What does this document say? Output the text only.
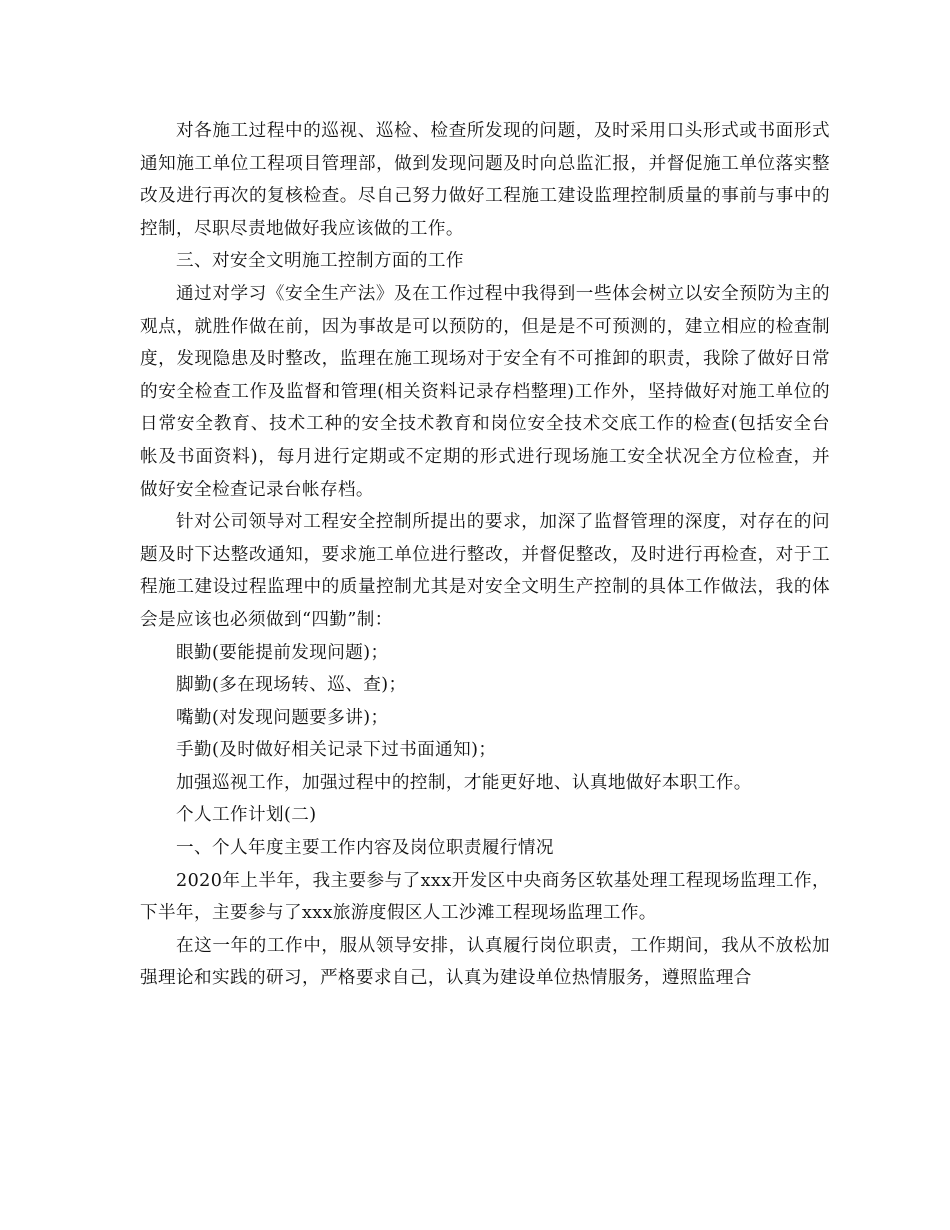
对各施工过程中的巡视、巡检、检查所发现的问题，及时采用口头形式或书面形式通知施工单位工程项目管理部，做到发现问题及时向总监汇报，并督促施工单位落实整改及进行再次的复核检查。尽自己努力做好工程施工建设监理控制质量的事前与事中的控制，尽职尽责地做好我应该做的工作。

三、对安全文明施工控制方面的工作

通过对学习《安全生产法》及在工作过程中我得到一些体会树立以安全预防为主的观点，就胜作做在前，因为事故是可以预防的，但是是不可预测的，建立相应的检查制度，发现隐患及时整改，监理在施工现场对于安全有不可推卸的职责，我除了做好日常的安全检查工作及监督和管理(相关资料记录存档整理)工作外，坚持做好对施工单位的日常安全教育、技术工种的安全技术教育和岗位安全技术交底工作的检查(包括安全台帐及书面资料)，每月进行定期或不定期的形式进行现场施工安全状况全方位检查，并做好安全检查记录台帐存档。

针对公司领导对工程安全控制所提出的要求，加深了监督管理的深度，对存在的问题及时下达整改通知，要求施工单位进行整改，并督促整改，及时进行再检查，对于工程施工建设过程监理中的质量控制尤其是对安全文明生产控制的具体工作做法，我的体会是应该也必须做到“四勤”制：

眼勤(要能提前发现问题)；

脚勤(多在现场转、巡、查)；

嘴勤(对发现问题要多讲)；

手勤(及时做好相关记录下过书面通知)；

加强巡视工作，加强过程中的控制，才能更好地、认真地做好本职工作。

个人工作计划(二)

一、个人年度主要工作内容及岗位职责履行情况

2020年上半年，我主要参与了xxx开发区中央商务区软基处理工程现场监理工作，下半年，主要参与了xxx旅游度假区人工沙滩工程现场监理工作。

在这一年的工作中，服从领导安排，认真履行岗位职责，工作期间，我从不放松加强理论和实践的研习，严格要求自己，认真为建设单位热情服务，遵照监理合
